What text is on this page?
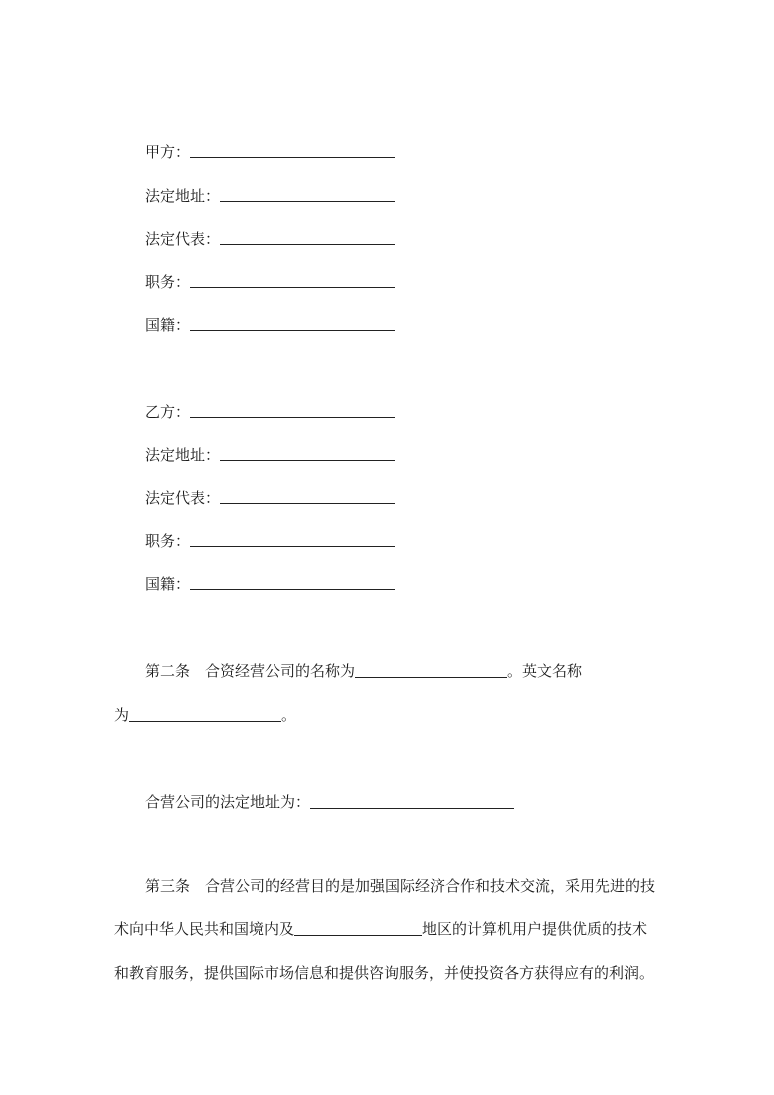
甲方：
法定地址：
法定代表：
职务：
国籍：
乙方：
法定地址：
法定代表：
职务：
国籍：
第二条　合资经营公司的名称为	。英文名称
为	。
合营公司的法定地址为：
第三条　合营公司的经营目的是加强国际经济合作和技术交流，采用先进的技
术向中华人民共和国境内及	地区的计算机用户提供优质的技术
和教育服务，提供国际市场信息和提供咨询服务，并使投资各方获得应有的利润。
